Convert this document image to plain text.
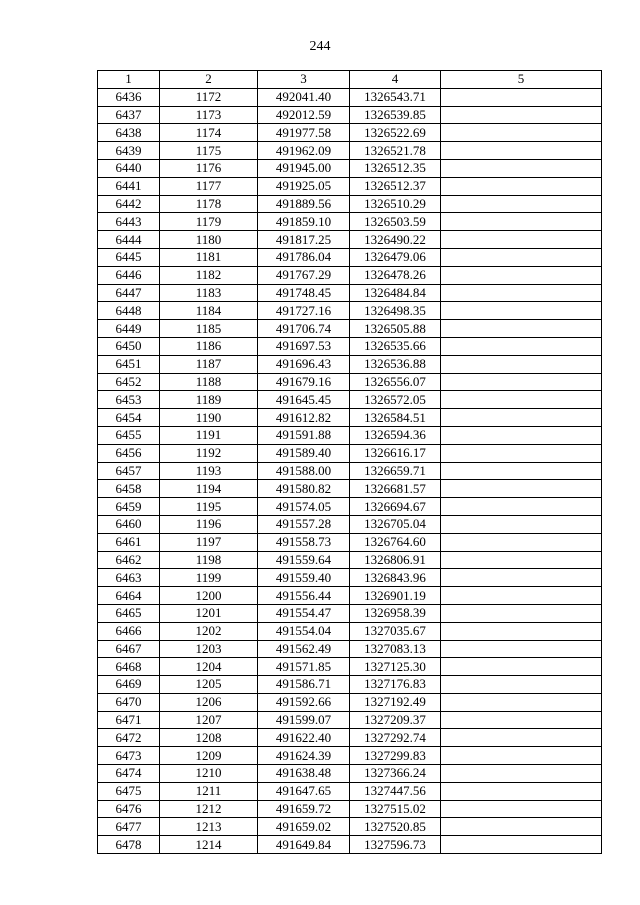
244
1	2	3	4	5
6436	1172	492041.40	1326543.71	
6437	1173	492012.59	1326539.85	
6438	1174	491977.58	1326522.69	
6439	1175	491962.09	1326521.78	
6440	1176	491945.00	1326512.35	
6441	1177	491925.05	1326512.37	
6442	1178	491889.56	1326510.29	
6443	1179	491859.10	1326503.59	
6444	1180	491817.25	1326490.22	
6445	1181	491786.04	1326479.06	
6446	1182	491767.29	1326478.26	
6447	1183	491748.45	1326484.84	
6448	1184	491727.16	1326498.35	
6449	1185	491706.74	1326505.88	
6450	1186	491697.53	1326535.66	
6451	1187	491696.43	1326536.88	
6452	1188	491679.16	1326556.07	
6453	1189	491645.45	1326572.05	
6454	1190	491612.82	1326584.51	
6455	1191	491591.88	1326594.36	
6456	1192	491589.40	1326616.17	
6457	1193	491588.00	1326659.71	
6458	1194	491580.82	1326681.57	
6459	1195	491574.05	1326694.67	
6460	1196	491557.28	1326705.04	
6461	1197	491558.73	1326764.60	
6462	1198	491559.64	1326806.91	
6463	1199	491559.40	1326843.96	
6464	1200	491556.44	1326901.19	
6465	1201	491554.47	1326958.39	
6466	1202	491554.04	1327035.67	
6467	1203	491562.49	1327083.13	
6468	1204	491571.85	1327125.30	
6469	1205	491586.71	1327176.83	
6470	1206	491592.66	1327192.49	
6471	1207	491599.07	1327209.37	
6472	1208	491622.40	1327292.74	
6473	1209	491624.39	1327299.83	
6474	1210	491638.48	1327366.24	
6475	1211	491647.65	1327447.56	
6476	1212	491659.72	1327515.02	
6477	1213	491659.02	1327520.85	
6478	1214	491649.84	1327596.73	
